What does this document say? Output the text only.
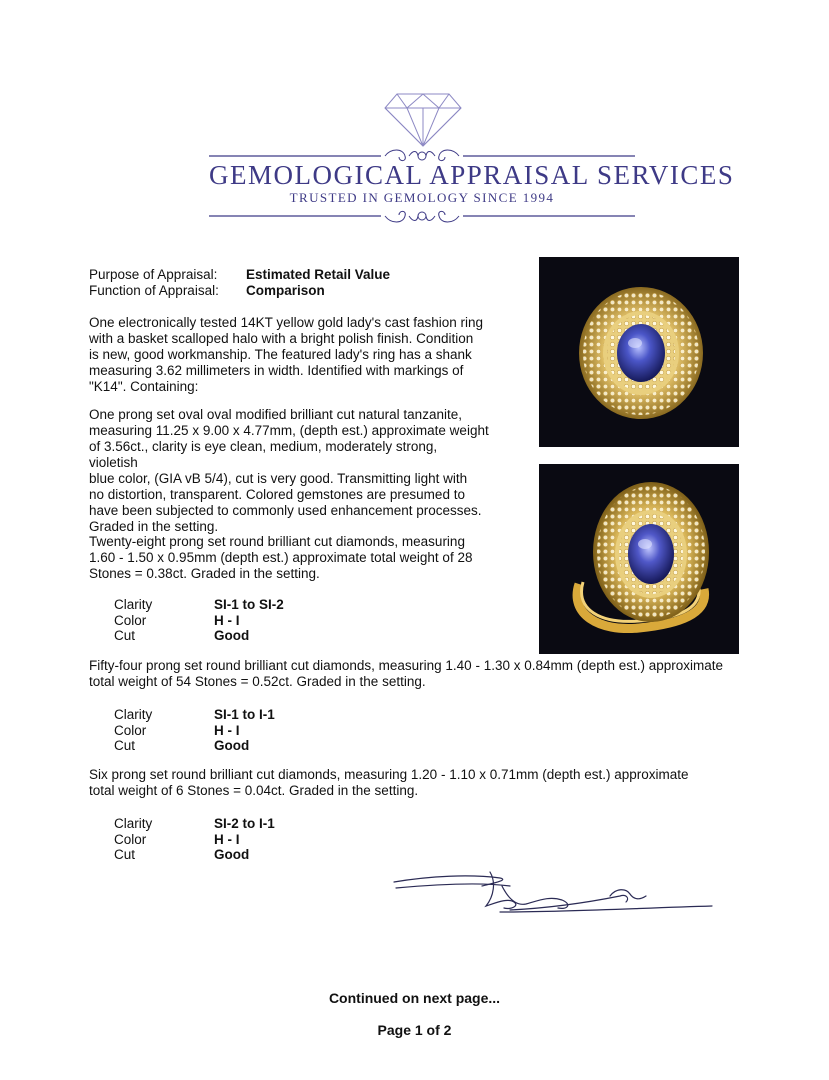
GEMOLOGICAL APPRAISAL SERVICES
TRUSTED IN GEMOLOGY SINCE 1994
Purpose of Appraisal:	Estimated Retail Value
Function of Appraisal:	Comparison
One electronically tested 14KT yellow gold lady's cast fashion ring
with a basket scalloped halo with a bright polish finish. Condition
is new, good workmanship. The featured lady's ring has a shank
measuring 3.62 millimeters in width. Identified with markings of
"K14". Containing:
One prong set oval oval modified brilliant cut natural tanzanite,
measuring 11.25 x 9.00 x 4.77mm, (depth est.) approximate weight
of 3.56ct., clarity is eye clean, medium, moderately strong, violetish
blue color, (GIA vB 5/4), cut is very good. Transmitting light with
no distortion, transparent. Colored gemstones are presumed to
have been subjected to commonly used enhancement processes.
Graded in the setting.
Twenty-eight prong set round brilliant cut diamonds, measuring
1.60 - 1.50 x 0.95mm (depth est.) approximate total weight of 28
Stones = 0.38ct. Graded in the setting.
Clarity	SI-1 to SI-2
Color	H - I
Cut	Good
Fifty-four prong set round brilliant cut diamonds, measuring 1.40 - 1.30 x 0.84mm (depth est.) approximate
total weight of 54 Stones = 0.52ct. Graded in the setting.
Clarity	SI-1 to I-1
Color	H - I
Cut	Good
Six prong set round brilliant cut diamonds, measuring 1.20 - 1.10 x 0.71mm (depth est.) approximate
total weight of 6 Stones = 0.04ct. Graded in the setting.
Clarity	SI-2 to I-1
Color	H - I
Cut	Good
Continued on next page...
Page 1 of 2
